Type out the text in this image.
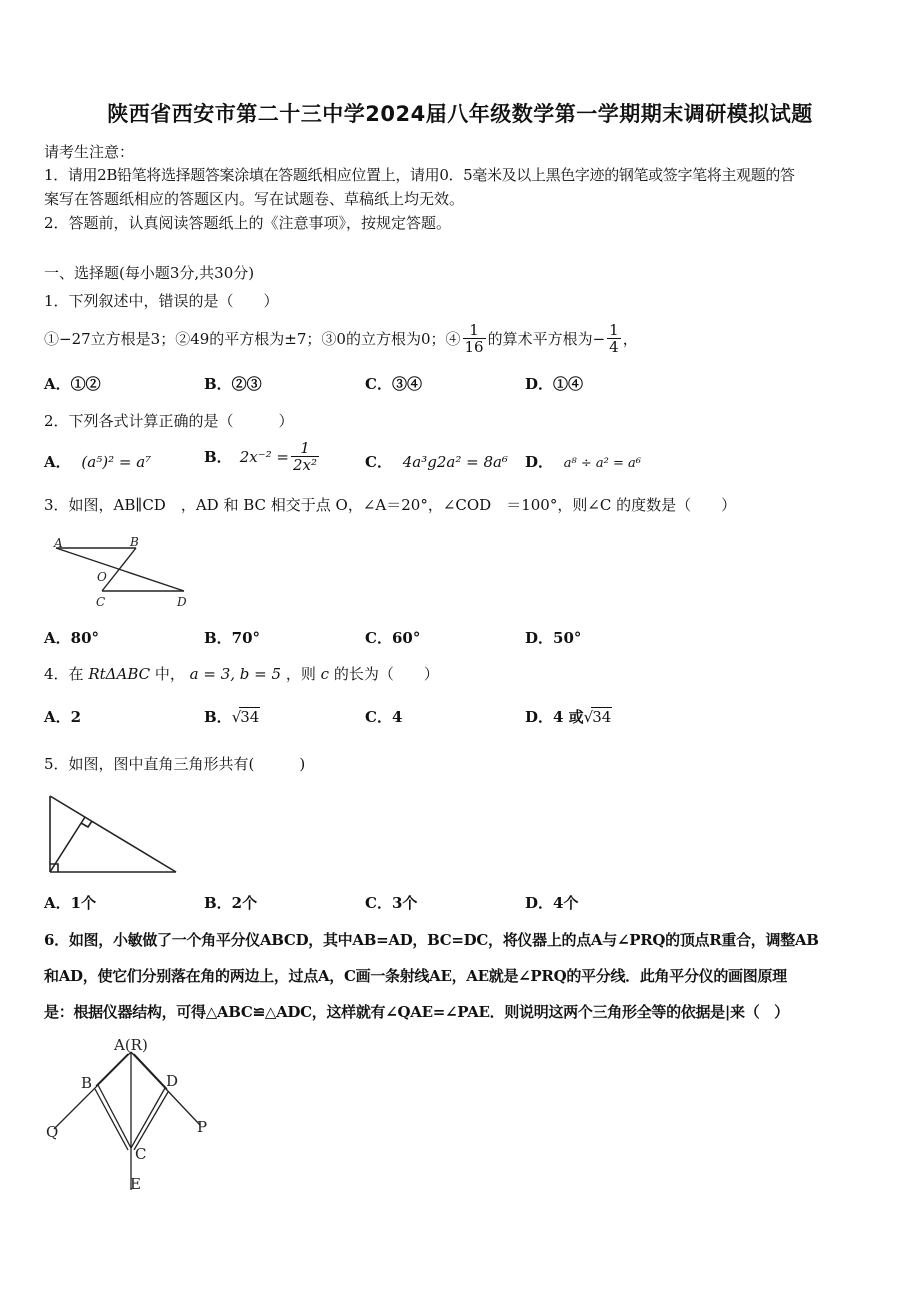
陕西省西安市第二十三中学2024届八年级数学第一学期期末调研模拟试题
请考生注意：
1．请用2B铅笔将选择题答案涂填在答题纸相应位置上，请用0．5毫米及以上黑色字迹的钢笔或签字笔将主观题的答
案写在答题纸相应的答题区内。写在试题卷、草稿纸上均无效。
2．答题前，认真阅读答题纸上的《注意事项》，按规定答题。
一、选择题(每小题3分,共30分)
1．下列叙述中，错误的是（　　）
①−27立方根是3；②49的平方根为±7；③0的立方根为0；④ $\frac{1}{16}$ 的算术平方根为− $\frac{1}{4}$ ，
A．①②	B．②③	C．③④	D．①④
2．下列各式计算正确的是（　　　）
A． (a⁵)² = a⁷	B． $2x^{-2} = \frac{1}{\text{2x²}}$	C． 4a³g2a² = 8a⁶ D． a⁸ ÷ a² = a⁶
3．如图，AB∥CD　，AD 和 BC 相交于点 O，∠A＝20°，∠COD　＝100°，则∠C 的度数是（　　）
A	B
O
C	D
A．80°	B．70°	C．60°	D．50°
4．在 RtΔABC 中， a = 3, b = 5 ，则 c 的长为（　　）
A．2	B．√34	C．4	D．4 或√34
5．如图，图中直角三角形共有(　　　)
A．1个	B．2个	C．3个	D．4个
6．如图，小敏做了一个角平分仪ABCD，其中AB=AD，BC=DC，将仪器上的点A与∠PRQ的顶点R重合，调整AB
和AD，使它们分别落在角的两边上，过点A，C画一条射线AE，AE就是∠PRQ的平分线．此角平分仪的画图原理
是：根据仪器结构，可得△ABC≌△ADC，这样就有∠QAE=∠PAE．则说明这两个三角形全等的依据是|来（　）
A(R)
B	D
Q	P
C
E
